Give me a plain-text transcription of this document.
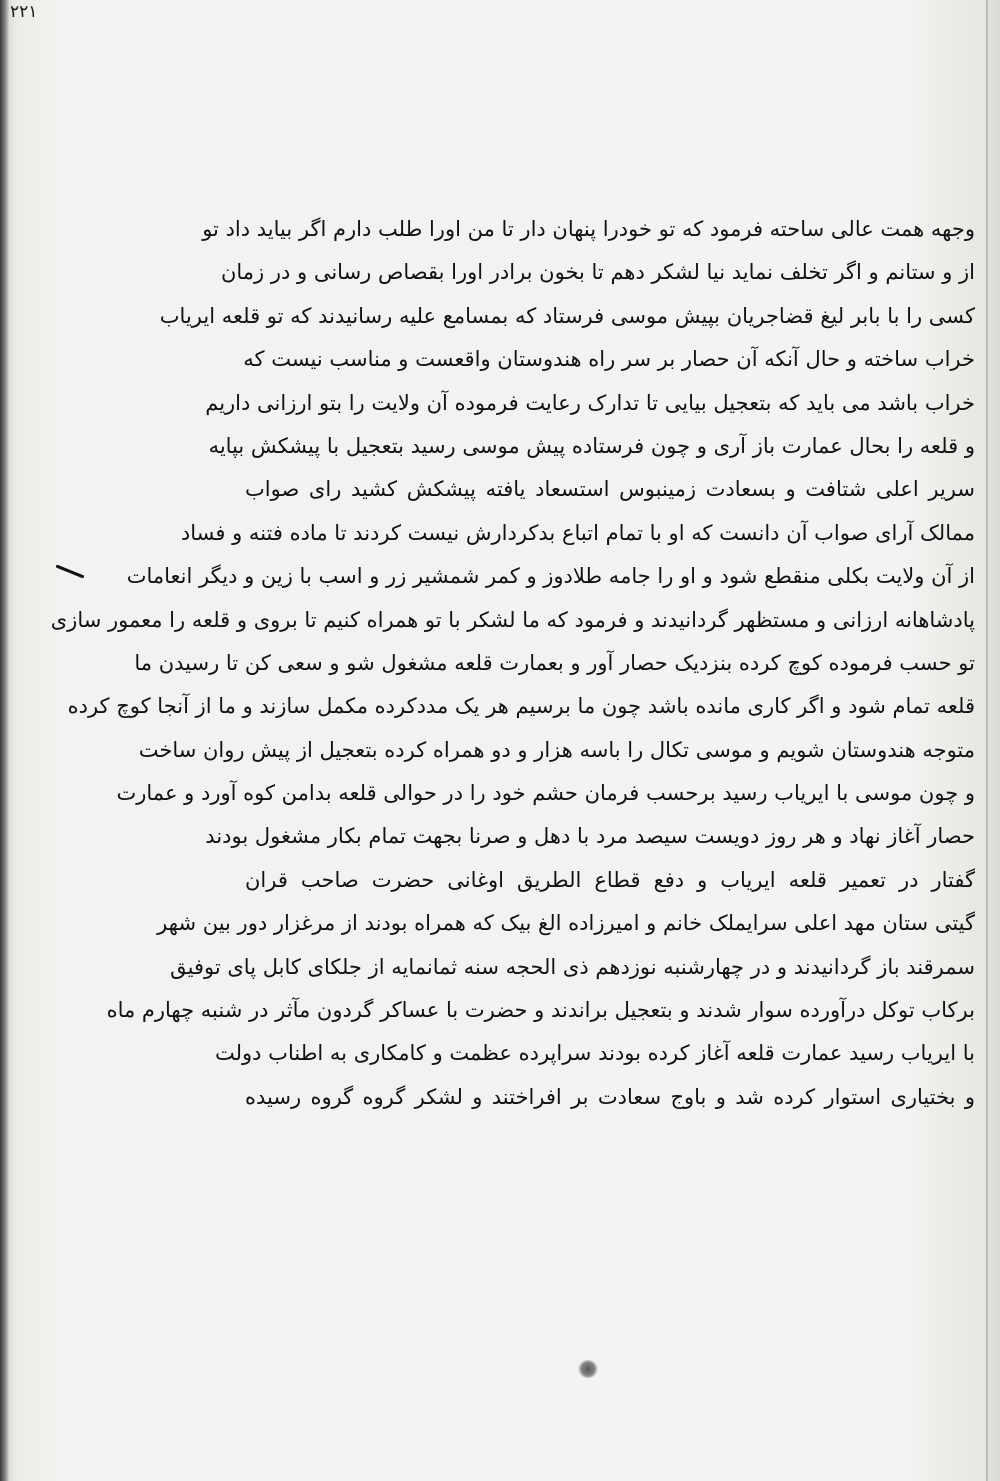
٢٢١
وجهه همت عالی ساحته فرمود که تو خودرا پنهان دار تا من اورا طلب دارم اگر بیاید داد تو
از و ستانم و اگر تخلف نماید نیا لشکر دهم تا بخون برادر اورا بقصاص رسانی و در زمان
کسی را با بابر لیغ قضاجریان بپیش موسی فرستاد که بمسامع علیه رسانیدند که تو قلعه ایریاب
خراب ساخته و حال آنکه آن حصار بر سر راه هندوستان واقعست و مناسب نیست که
خراب باشد می باید که بتعجیل بیایی تا تدارک رعایت فرموده آن ولایت را بتو ارزانی داریم
و قلعه را بحال عمارت باز آری و چون فرستاده پیش موسی رسید بتعجیل با پیشکش بپایه
سریر اعلی شتافت و بسعادت زمینبوس استسعاد یافته پیشکش کشید رای صواب
ممالک آرای صواب آن دانست که او با تمام اتباع بدکردارش نیست کردند تا ماده فتنه و فساد
از آن ولایت بکلی منقطع شود و او را جامه طلادوز و کمر شمشیر زر و اسب با زین و دیگر انعامات
پادشاهانه ارزانی و مستظهر گردانیدند و فرمود که ما لشکر با تو همراه کنیم تا بروی و قلعه را معمور سازی
تو حسب فرموده کوچ کرده بنزدیک حصار آور و بعمارت قلعه مشغول شو و سعی کن تا رسیدن ما
قلعه تمام شود و اگر کاری مانده باشد چون ما برسیم هر یک مددکرده مکمل سازند و ما از آنجا کوچ کرده
متوجه هندوستان شویم و موسی تکال را باسه هزار و دو همراه کرده بتعجیل از پیش روان ساخت
و چون موسی با ایریاب رسید برحسب فرمان حشم خود را در حوالی قلعه بدامن کوه آورد و عمارت
حصار آغاز نهاد و هر روز دویست سیصد مرد با دهل و صرنا بجهت تمام بکار مشغول بودند
گفتار در تعمیر قلعه ایریاب و دفع قطاع الطریق اوغانی حضرت صاحب قران
گیتی ستان مهد اعلی سرایملک خانم و امیرزاده الغ بیک که همراه بودند از مرغزار دور بین شهر
سمرقند باز گردانیدند و در چهارشنبه نوزدهم ذی الحجه سنه ثمانمایه از جلکای کابل پای توفیق
برکاب توکل درآورده سوار شدند و بتعجیل براندند و حضرت با عساکر گردون مآثر در شنبه چهارم ماه
با ایریاب رسید عمارت قلعه آغاز کرده بودند سراپرده عظمت و کامکاری به اطناب دولت
و بختیاری استوار کرده شد و باوج سعادت بر افراختند و لشکر گروه گروه رسیده
